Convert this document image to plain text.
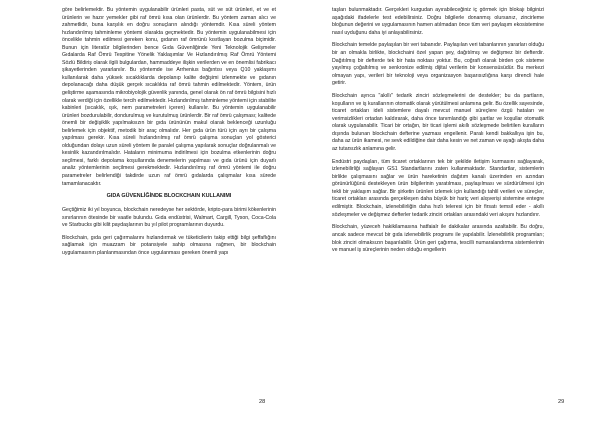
göre belirlemektir. Bu yöntemin uygulanabilir ürünleri pasta, süt ve süt ürünleri, et ve et ürünlerin ve hazır yemekler gibi raf ömrü kısa olan ürünlerdir. Bu yöntem zaman alıcı ve zahmetlidir, buna karşılık en doğru sonuçların alındığı yöntemdir. Kısa süreli yöntem hızlandırılmış tahminleme yöntemi olarakta geçmektedir. Bu yöntemin uygulanabilmesi için öncelikle tahmin edilmesi gereken konu, gıdanın raf ömrünü kısıtlayan bozulma biçimidir. Bunun için literatür bilgilerinden bence Gıda Güvenliğinde Yeni Teknolojik Gelişmeler Gıdalarda Raf Ömrü Tespitine Yönelik Yaklaşımlar Ve Hızlandırılmış Raf Ömrü Yöntemi Sözlü Bildiriş olarak ilgili bulgulardan, hammaddeye ilişkin verilerden ve en önemlisi fabrikacı şikayetlerinden yararlanılır. Bu yöntemde ise Arrhenius bağıntısı veya Q10 yaklaşımı kullanılarak daha yüksek sıcaklıklarda depolanıp kalite değişimi izlenmekte ve gıdanın depolanacağı daha düşük gerçek sıcaklıkta raf ömrü tahmin edilmektedir. Yöntem, ürün geliştirme aşamasında mikrobiyolojik güvenlik yanında, genel olarak ön raf ömrü bilgisini hızlı olarak verdiği için özellikle tercih edilmektedir. Hızlandırılmış tahminleme yöntemi için stabilite kabinleri (sıcaklık, ışık, nem parametreleri içeren) kullanılır. Bu yöntemin uygulanabilir ürünleri bozdurulabilir, dondurulmuş ve kurutulmuş ürünlerdir. Bir raf ömrü çalışması; kalitede önemli bir değişiklik yapılmaksızın bir gıda ürününün makul olarak beklenceği uzunluğu belirlemek için objektif, metodik bir araç olmalıdır. Her gıda ürün türü için ayrı bir çalışma yapılması gerekir. Kısa süreli hızlandırılmış raf ömrü çalışma sonuçları yol gösterici olduğundan dolayı uzun süreli yöntem ile paralel çalışma yapılarak sonuçlar doğrulanmalı ve kesinlik kazandırılmalıdır. Hataların minimuma indirilmesi için bozulma etkenlerinin doğru seçilmesi, farklı depolama koşullarında denemelerin yapılması ve gıda ürünü için duyarlı analiz yöntemlerinin seçilmesi gerekmektedir. Hızlandırılmış raf ömrü yöntemi ile doğru parametreler belirlendiği takdirde uzun raf ömrü gıdalarda çalışmalar kısa sürede tamamlanacaktır.

GIDA GÜVENLİĞİNDE BLOCKCHAIN KULLANIMI

Geçtiğimiz iki yıl boyunca, blockchain neredeyse her sektörde, kripto-para birimi kökenlerinin sınırlarının ötesinde bir vaatle bulundu. Gıda endüstrisi, Walmart, Cargill, Tyson, Coca-Cola ve Starbucks gibi kilit paydaşlarının bu yıl pilot programlarının duyurdu.

Blockchain, gıda geri çağırmalarını hızlandırmak ve tüketicilerin takip ettiği bilgi şeffaflığını sağlamak için muazzam bir potansiyele sahip olmasına rağmen, bir blockchain uygulamasının planlanmasından önce uygulanması gereken önemli yapı

28

taşları bulunmaktadır. Gerçekleri kurgudan ayırabileceğiniz iç görmek için blokajı bilginizi aşağıdaki ifadelerle test edebilirsiniz. Doğru bilgilerle donanmış olursanız, zincirleme bloğunun değerini ve uygulamasının hamen atılmadan önce tüm veri paylaşım ekosistemine nasıl uyduğunu daha iyi anlayabilirsiniz.

Blockchain temelde paylaşılan bir veri tabanıdır. Paylaşılan veri tabanlarının yararları olduğu bir an olmakla birlikte, blockchaini özel yapan şey, dağıtılmış ve değişmez bir defterdir. Dağıtılmış bir defterde tek bir hata noktası yoktur. Bu, coğrafi olarak birden çok sisteme yayılmış çoğaltılmış ve senkronize edilmiş dijital verilerin bir konsensüsüdür. Bu merkezi olmayan yapı, verileri bir teknoloji veya organizasyon başarısızlığına karşı direncli hale getirir.

Blockchain ayrıca "akıllı" tedarik zinciri sözleşmelerini de destekler; bu da partların, koşulların ve iş kurallarının otomatik olarak yürütülmesi anlamına gelir. Bu özellik sayesinde, ticaret ortakları ideli sistemlere dayalı mevcut manuel süreçlere özgü hataları ve verimsizlikleri ortadan kaldırarak, daha önce tanımlandığı gibi şartlar ve koşullar otomatik olarak uygulanabilir. Ticari bir ortağın, bir ticari işlemi akıllı sözleşmede belirtilen kuralların dışında bulunan blockchain defterine yazması engellenir. Paralı kendi bakkallıya işin bu, daha az ürün ikamesi, ne sevk edildiğine dair daha kesin ve net zaman ve ayağı akışta daha az tutarsızlık anlamına gelir.

Endüstri paydaşları, tüm ticaret ortaklarının tek bir şekilde iletişim kurmasını sağlayarak, izlenebilirliği sağlayan GS1 Standartlarını zaten kullanmaktadır. Standartlar, sistemlerin birlikte çalışmasını sağlar ve ürün hareketinin dağıtım kanalı üzerinden en azından görünürlüğünü destekleyen ürün bilgilerinin yaratılması, paylaşılması ve sürdürülmesi için tekli bir yaklaşım sağlar. Bir şirketin ürünleri izlemek için kullandığı tahlil verileri ve süreçler, ticaret ortakları arasında gerçekleşen daha büyük bir hariç veri alışverişi sistemine entegre edilmiştir. Blockchain, izlenebilirliğin daha hızlı teleresi için bir firsatı temsil eder - akıllı sözleşmeler ve değişmez defterler tedarik zinciri ortakları arasındaki veri akışını hızlandırır.

Blockchain, yüzeceh hakikilamasına hatfaialr ile dakikalar arasında azaltabilir. Bu doğru, ancak sadece mevcut bir gıda izlenebilirlik programı ile yapılabilir. İzlenebilirlik programları; blok zinciri olmaksızın başarılabilir. Ürün geri çağırma, tescilli numaralandırma sistemlerinin ve manuel iş süreçlerinin neden olduğu engellerin

29
